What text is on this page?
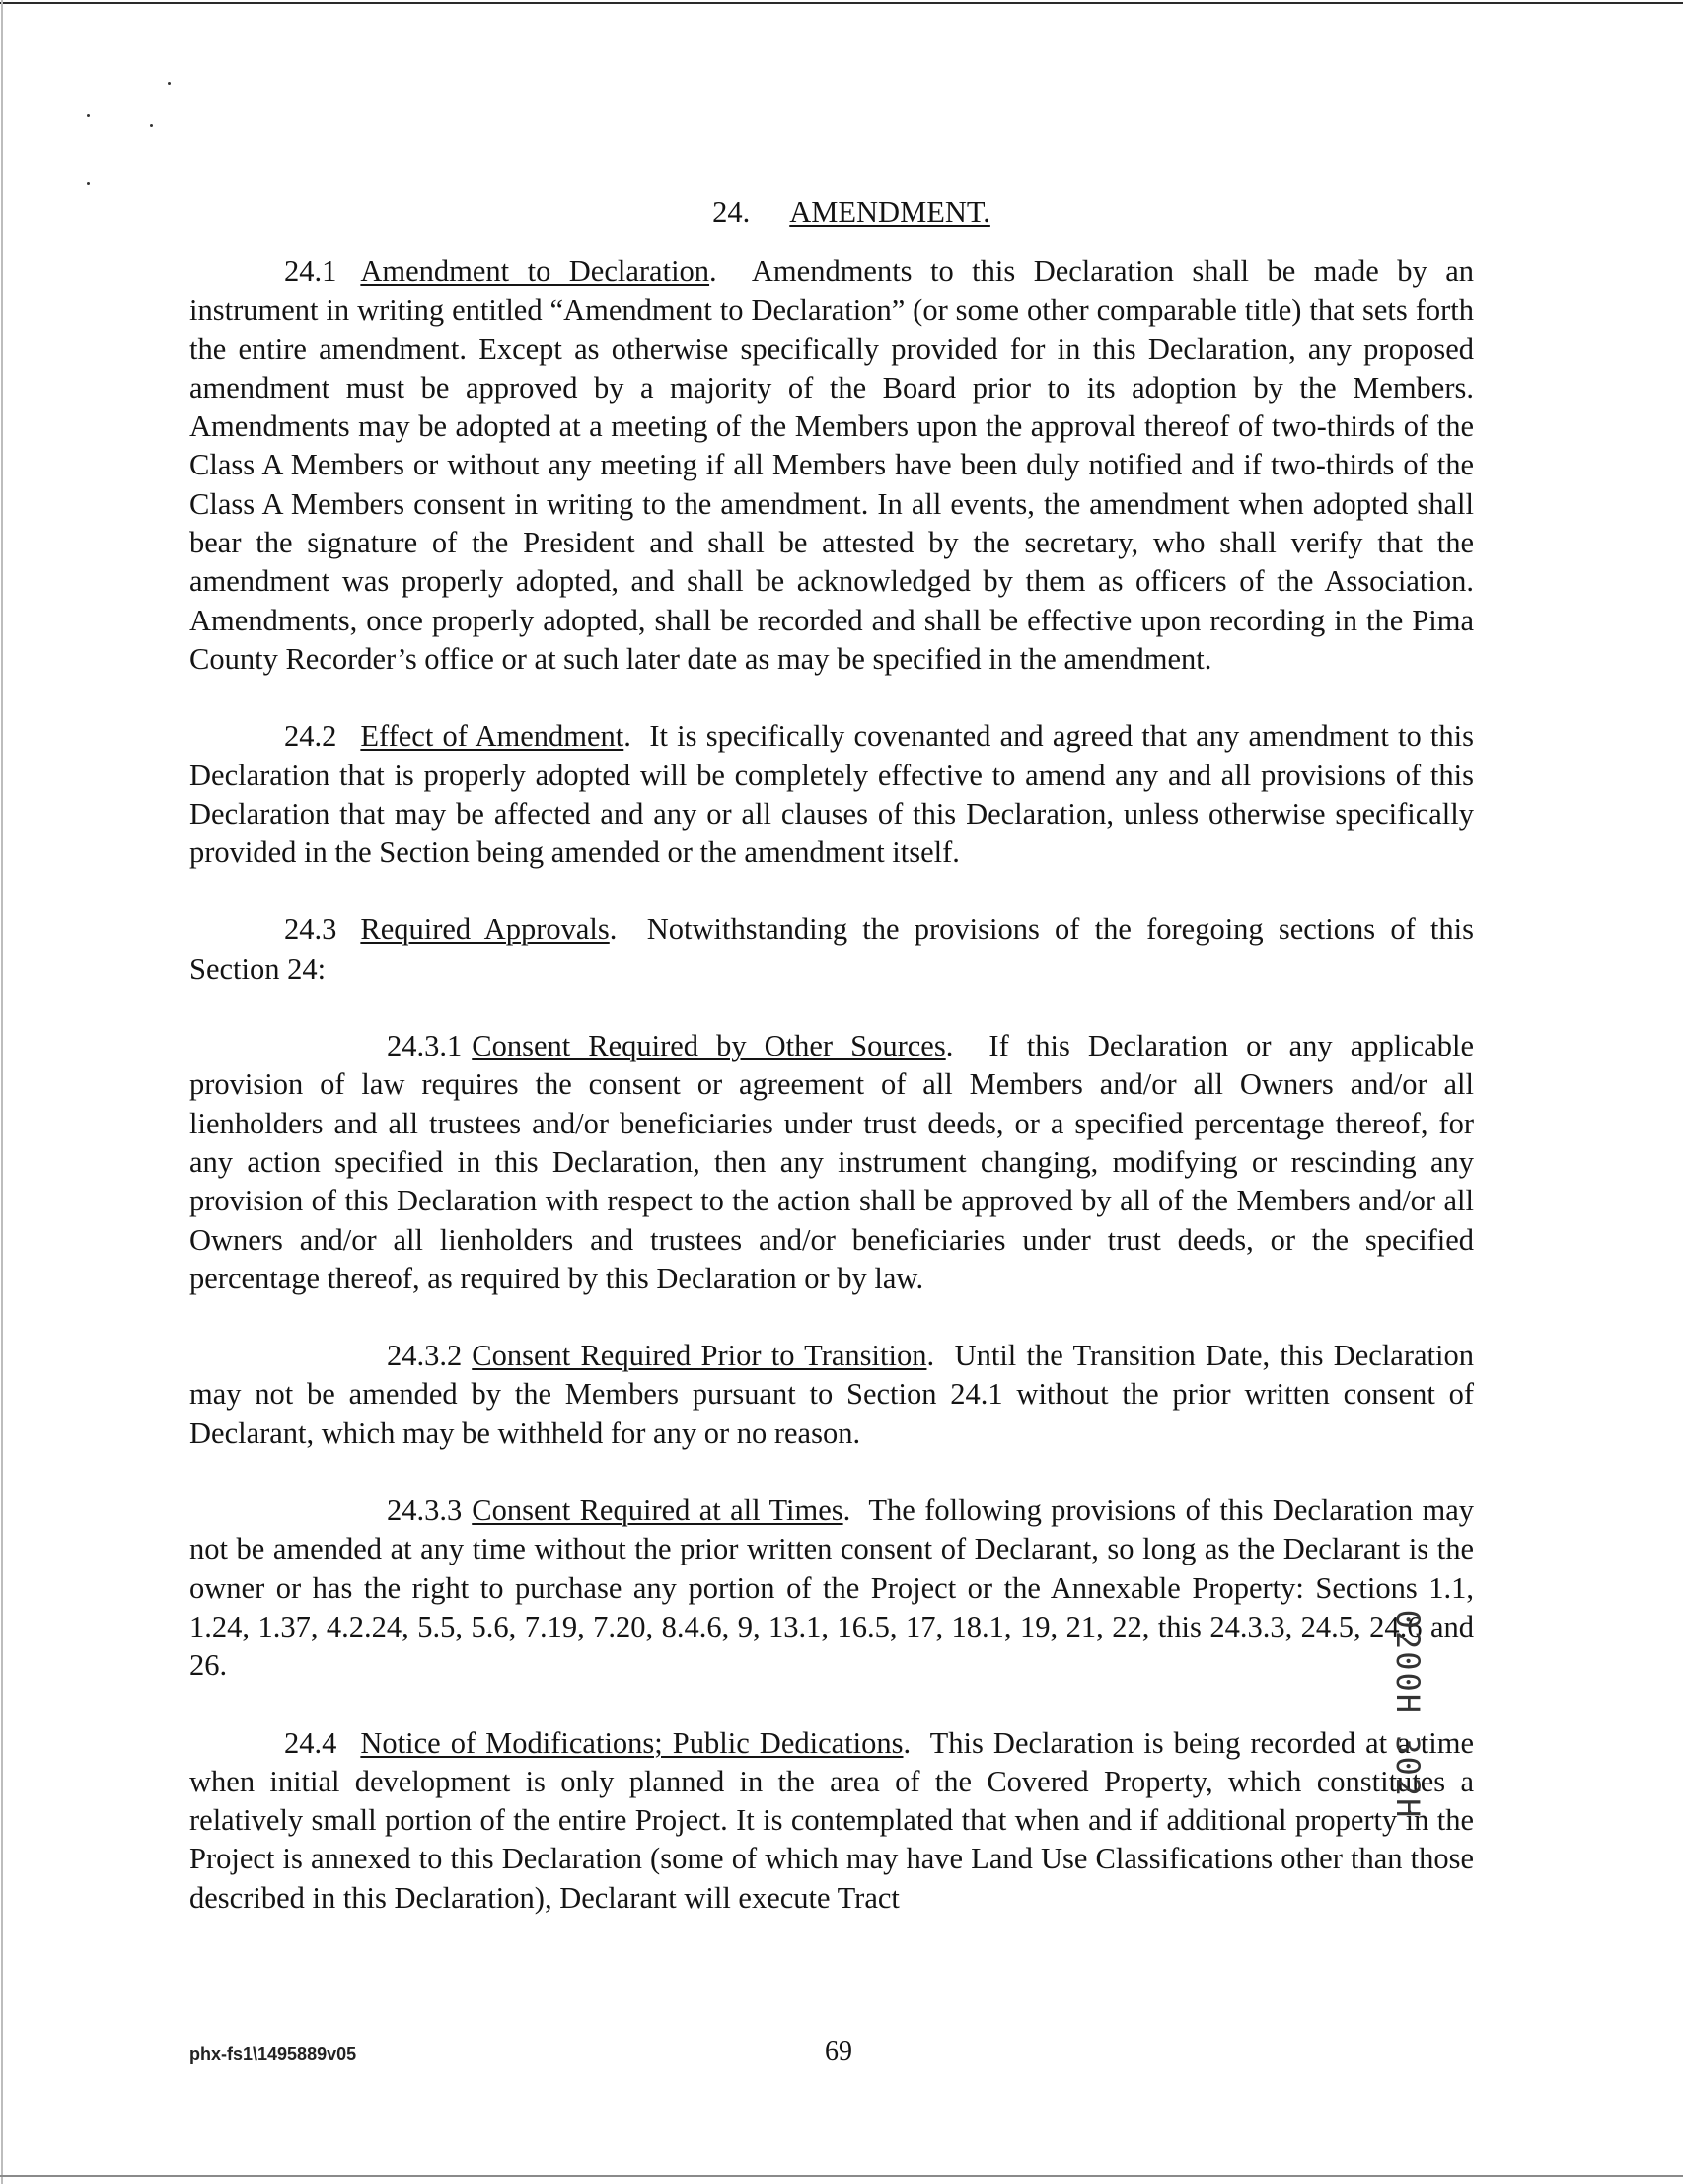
24. AMENDMENT.

24.1 Amendment to Declaration.  Amendments to this Declaration shall be made by an instrument in writing entitled “Amendment to Declaration” (or some other comparable title) that sets forth the entire amendment. Except as otherwise specifically provided for in this Declaration, any proposed amendment must be approved by a majority of the Board prior to its adoption by the Members. Amendments may be adopted at a meeting of the Members upon the approval thereof of two-thirds of the Class A Members or without any meeting if all Members have been duly notified and if two-thirds of the Class A Members consent in writing to the amendment. In all events, the amendment when adopted shall bear the signature of the President and shall be attested by the secretary, who shall verify that the amendment was properly adopted, and shall be acknowledged by them as officers of the Association. Amendments, once properly adopted, shall be recorded and shall be effective upon recording in the Pima County Recorder’s office or at such later date as may be specified in the amendment.

24.2 Effect of Amendment.  It is specifically covenanted and agreed that any amendment to this Declaration that is properly adopted will be completely effective to amend any and all provisions of this Declaration that may be affected and any or all clauses of this Declaration, unless otherwise specifically provided in the Section being amended or the amendment itself.

24.3 Required Approvals.  Notwithstanding the provisions of the foregoing sections of this Section 24:

24.3.1 Consent Required by Other Sources.  If this Declaration or any applicable provision of law requires the consent or agreement of all Members and/or all Owners and/or all lienholders and all trustees and/or beneficiaries under trust deeds, or a specified percentage thereof, for any action specified in this Declaration, then any instrument changing, modifying or rescinding any provision of this Declaration with respect to the action shall be approved by all of the Members and/or all Owners and/or all lienholders and trustees and/or beneficiaries under trust deeds, or the specified percentage thereof, as required by this Declaration or by law.

24.3.2 Consent Required Prior to Transition.  Until the Transition Date, this Declaration may not be amended by the Members pursuant to Section 24.1 without the prior written consent of Declarant, which may be withheld for any or no reason.

24.3.3 Consent Required at all Times.  The following provisions of this Declaration may not be amended at any time without the prior written consent of Declarant, so long as the Declarant is the owner or has the right to purchase any portion of the Project or the Annexable Property: Sections 1.1, 1.24, 1.37, 4.2.24, 5.5, 5.6, 7.19, 7.20, 8.4.6, 9, 13.1, 16.5, 17, 18.1, 19, 21, 22, this 24.3.3, 24.5, 24.6 and 26.

24.4 Notice of Modifications; Public Dedications.  This Declaration is being recorded at a time when initial development is only planned in the area of the Covered Property, which constitutes a relatively small portion of the entire Project. It is contemplated that when and if additional property in the Project is annexed to this Declaration (some of which may have Land Use Classifications other than those described in this Declaration), Declarant will execute Tract

0200H 302H
phx-fs1\1495889v05	69
